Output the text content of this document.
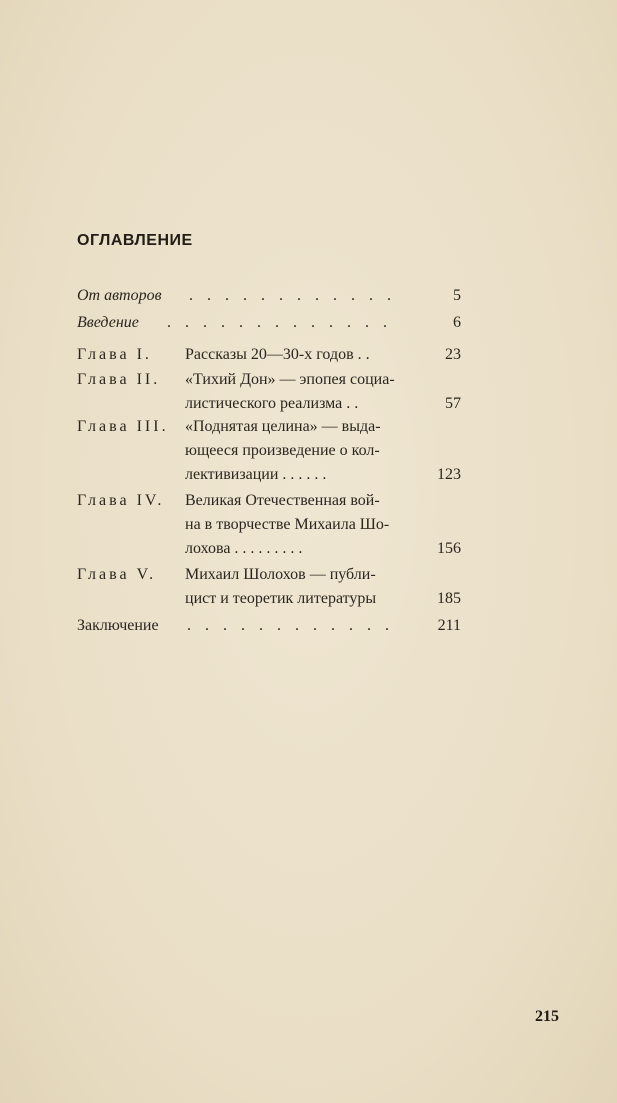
ОГЛАВЛЕНИЕ
От авторов . . . . . . . . . . . .	5
Введение . . . . . . . . . . . . .	6
Глава I. Рассказы 20—30-х годов . .	23
Глава II. «Тихий Дон» — эпопея социа-
листического реализма . .	57
Глава III. «Поднятая целина» — выда-
ющееся произведение о кол-
лективизации . . . . . .	123
Глава IV. Великая Отечественная вой-
на в творчестве Михаила Шо-
лохова . . . . . . . . .	156
Глава V. Михаил Шолохов — публи-
цист и теоретик литературы	185
Заключение . . . . . . . . . . . .	211
215
